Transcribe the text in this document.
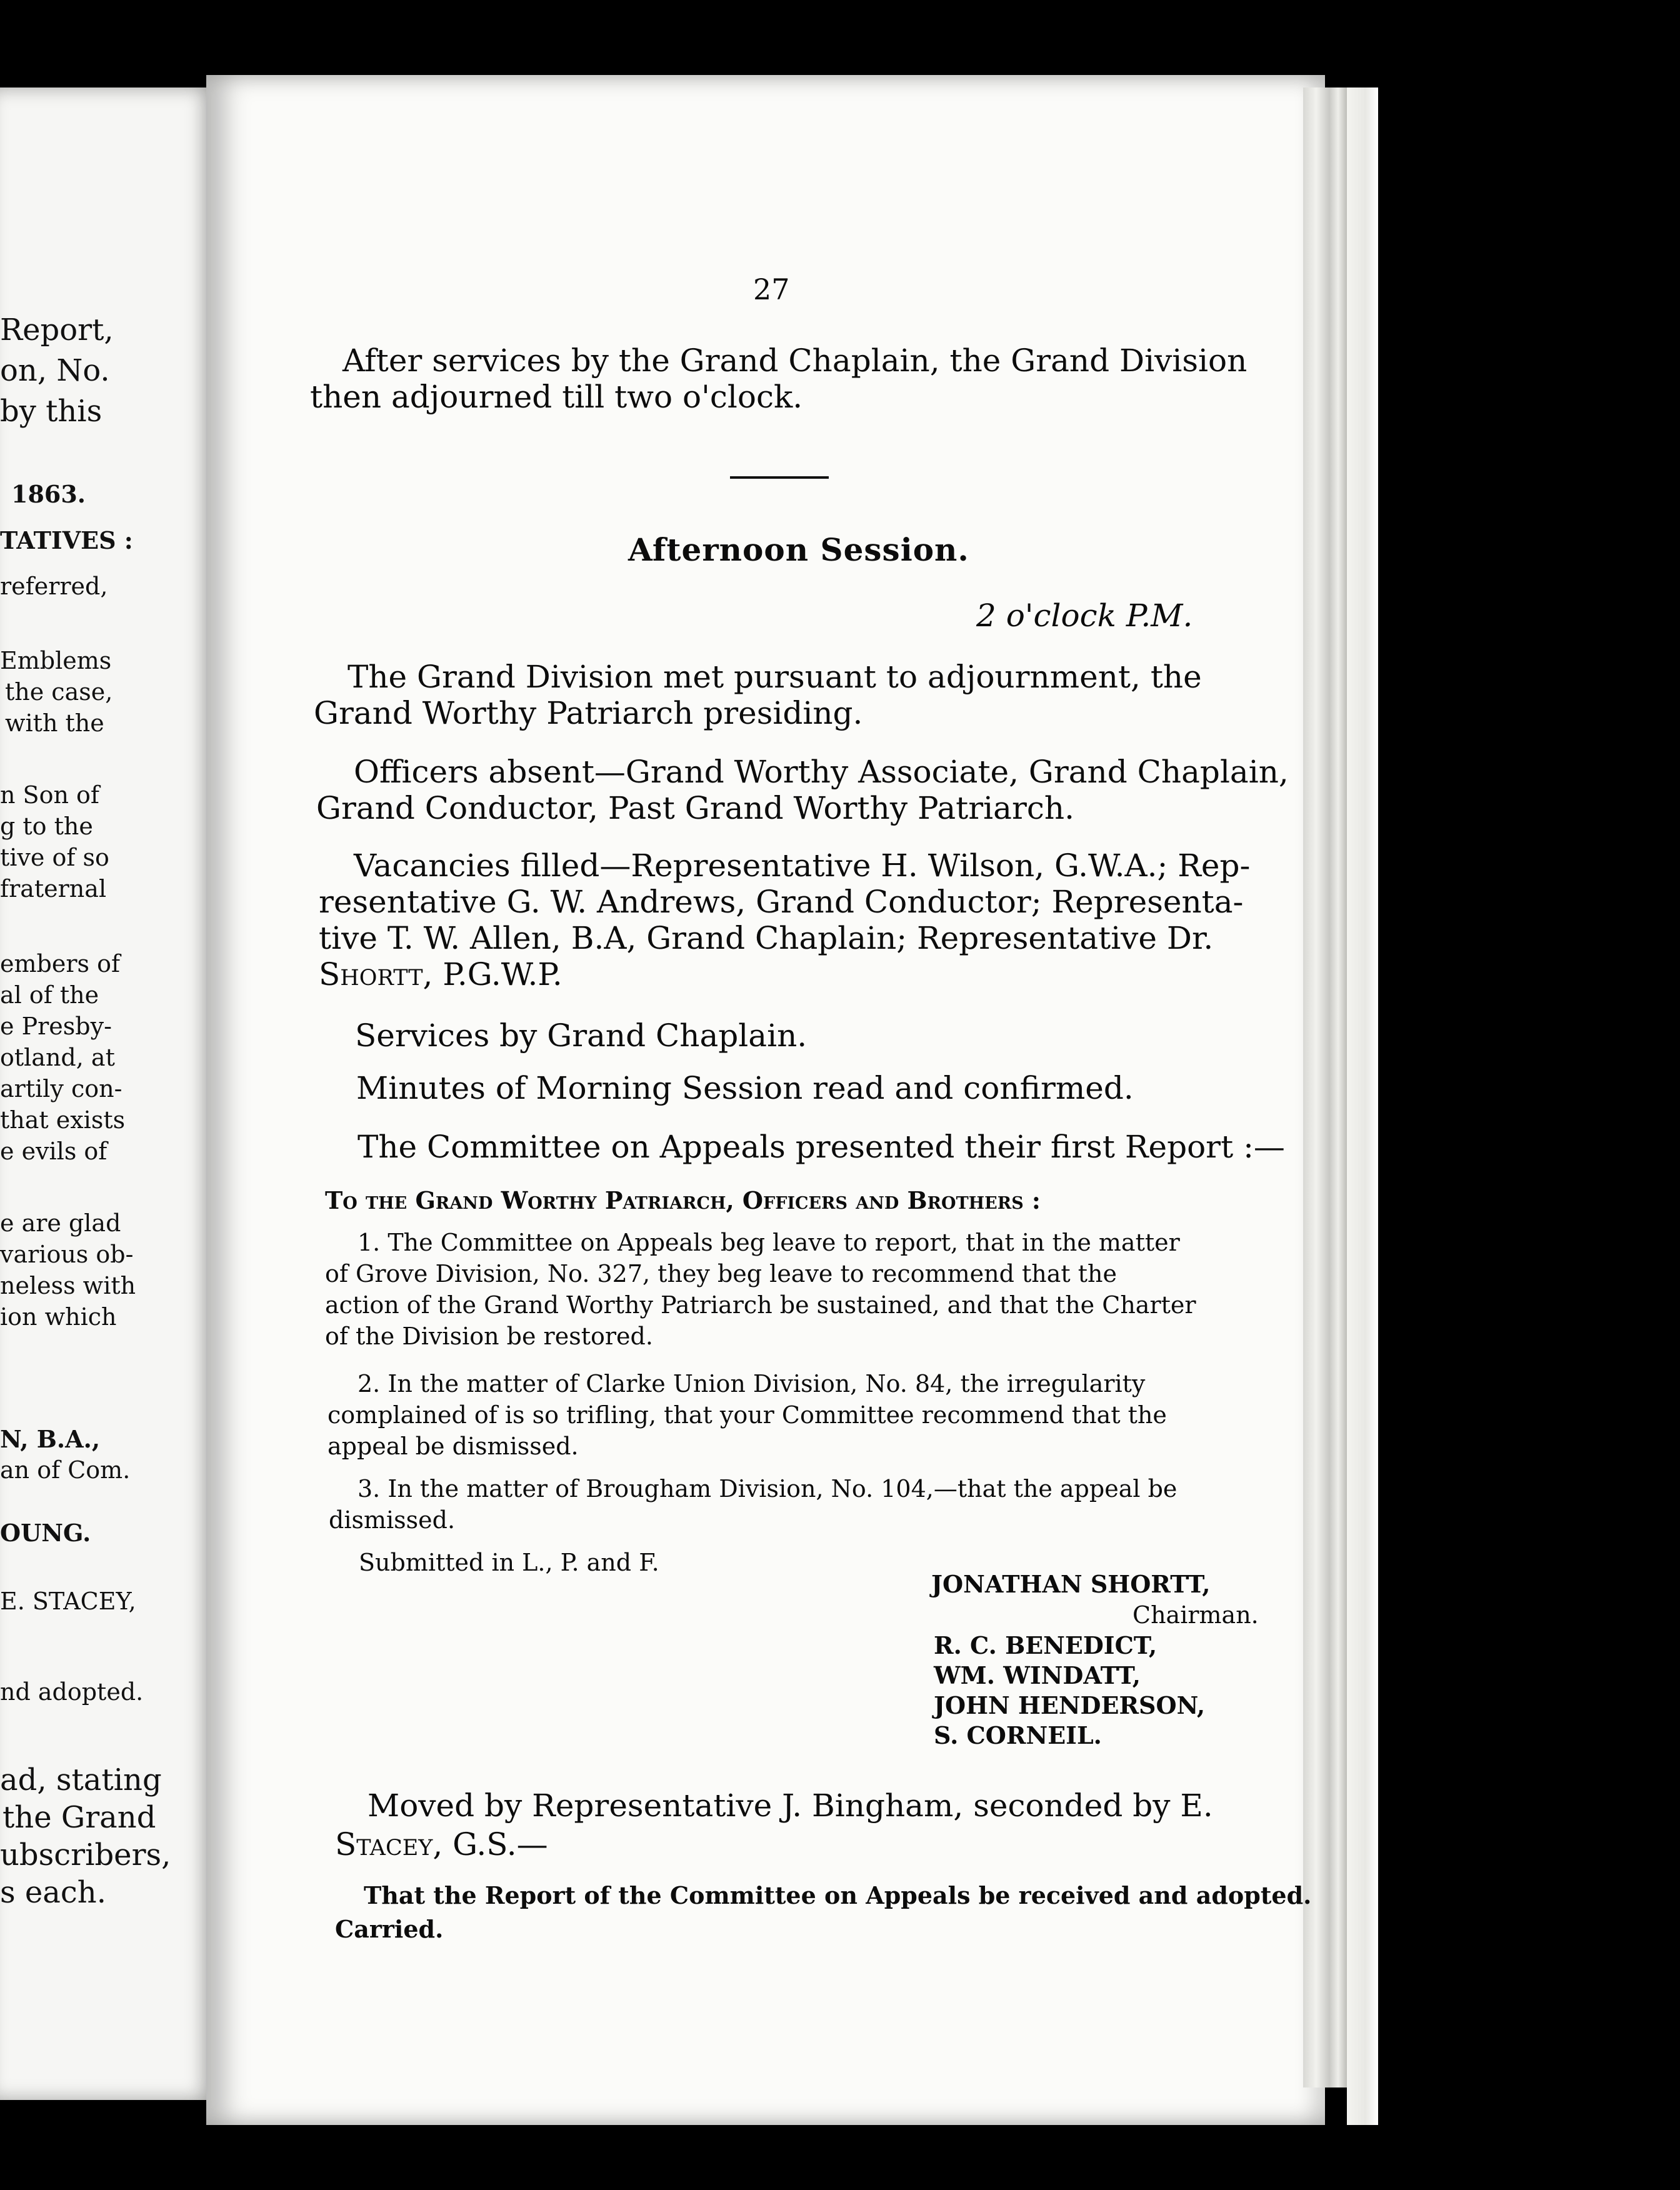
Report,
on, No.
by this
1863.
TATIVES :
referred,
Emblems
the case,
with the
n Son of
g to the
tive of so
fraternal
embers of
al of the
e Presby-
otland, at
artily con-
that exists
e evils of
e are glad
various ob-
neless with
ion which
N, B.A.,
an of Com.
OUNG.
E. STACEY,
nd adopted.
ad, stating
the Grand
ubscribers,
s each.
27
After services by the Grand Chaplain, the Grand Division
then adjourned till two o'clock.
Afternoon Session.
2 o'clock P.M.
The Grand Division met pursuant to adjournment, the
Grand Worthy Patriarch presiding.
Officers absent—Grand Worthy Associate, Grand Chaplain,
Grand Conductor, Past Grand Worthy Patriarch.
Vacancies filled—Representative H. Wilson, G.W.A.; Rep-
resentative G. W. Andrews, Grand Conductor; Representa-
tive T. W. Allen, B.A, Grand Chaplain; Representative Dr.
Shortt, P.G.W.P.
Services by Grand Chaplain.
Minutes of Morning Session read and confirmed.
The Committee on Appeals presented their first Report :—
To the Grand Worthy Patriarch, Officers and Brothers :
1. The Committee on Appeals beg leave to report, that in the matter
of Grove Division, No. 327, they beg leave to recommend that the
action of the Grand Worthy Patriarch be sustained, and that the Charter
of the Division be restored.
2. In the matter of Clarke Union Division, No. 84, the irregularity
complained of is so trifling, that your Committee recommend that the
appeal be dismissed.
3. In the matter of Brougham Division, No. 104,—that the appeal be
dismissed.
Submitted in L., P. and F.
JONATHAN SHORTT,
Chairman.
R. C. BENEDICT,
WM. WINDATT,
JOHN HENDERSON,
S. CORNEIL.
Moved by Representative J. Bingham, seconded by E.
Stacey, G.S.—
That the Report of the Committee on Appeals be received and adopted.
Carried.
